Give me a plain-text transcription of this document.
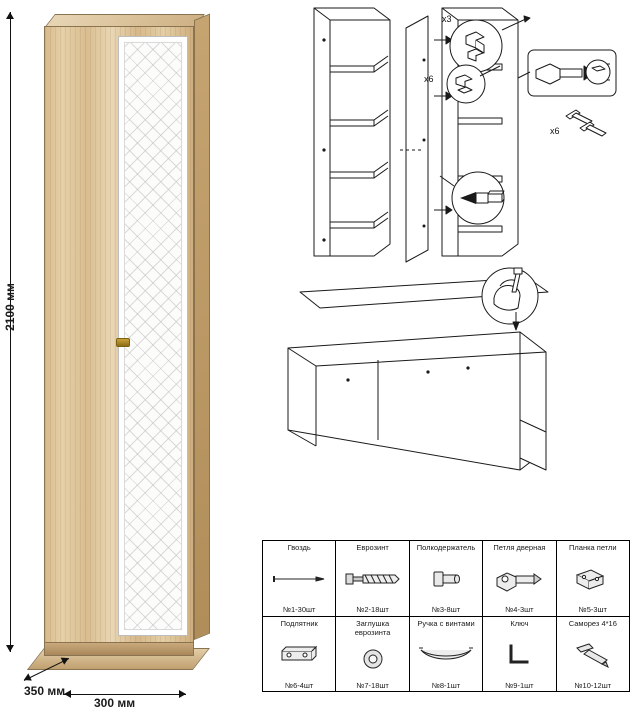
300 мм
350 мм
2100 мм
x3
x6
x6
Гвоздь
№1-30шт
Еврозинт
№2-18шт
Полкодержатель
№3-8шт
Петля дверная
№4-3шт
Планка петли
№5-3шт
Подлятник
№6-4шт
Заглушка еврозинта
№7-18шт
Ручка с винтами
№8-1шт
Ключ
№9-1шт
Саморез 4*16
№10-12шт
